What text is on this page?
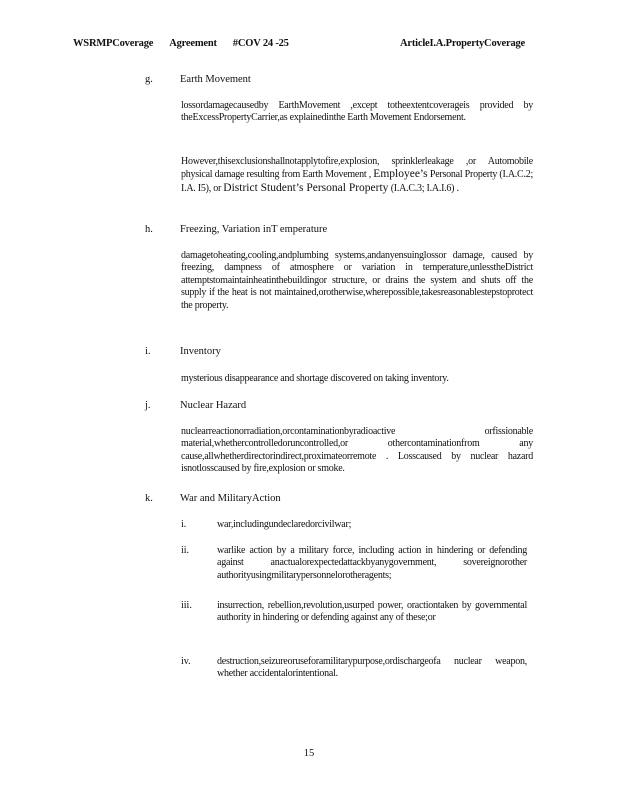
WSRMPCoverage Agreement #COV 24 -25	ArticleI.A.PropertyCoverage
g.	Earth Movement
lossordamagecausedby EarthMovement ,except totheextentcoverageis provided by theExcessPropertyCarrier,as explainedinthe Earth Movement Endorsement.
However,thisexclusionshallnotapplytofire,explosion, sprinklerleakage ,or Automobile physical damage resulting from Earth Movement , Employee’s Personal Property (I.A.C.2; I.A. I5), or District Student’s Personal Property (I.A.C.3; I.A.I.6) .
h.	Freezing, Variation inT emperature
damagetoheating,cooling,andplumbing systems,andanyensuinglossor damage, caused by freezing, dampness of atmosphere or variation in temperature,unlesstheDistrict attemptstomaintainheatinthebuildingor structure, or drains the system and shuts off the supply if the heat is not maintained,orotherwise,wherepossible,takesreasonablestepstoprotect the property.
i.	Inventory
mysterious disappearance and shortage discovered on taking inventory.
j.	Nuclear Hazard
nuclearreactionorradiation,orcontaminationbyradioactive orfissionable material,whethercontrolledoruncontrolled,or othercontaminationfrom any cause,allwhetherdirectorindirect,proximateorremote . Losscaused by nuclear hazard isnotlosscaused by fire,explosion or smoke.
k.	War and MilitaryAction
i.	war,includingundeclaredorcivilwar;
ii.	warlike action by a military force, including action in hindering or defending against anactualorexpectedattackbyanygovernment, sovereignorother authorityusingmilitarypersonnelorotheragents;
iii.	insurrection, rebellion,revolution,usurped power, oractiontaken by governmental authority in hindering or defending against any of these;or
iv.	destruction,seizureoruseforamilitarypurpose,ordischargeofa nuclear weapon, whether accidentalorintentional.
15
